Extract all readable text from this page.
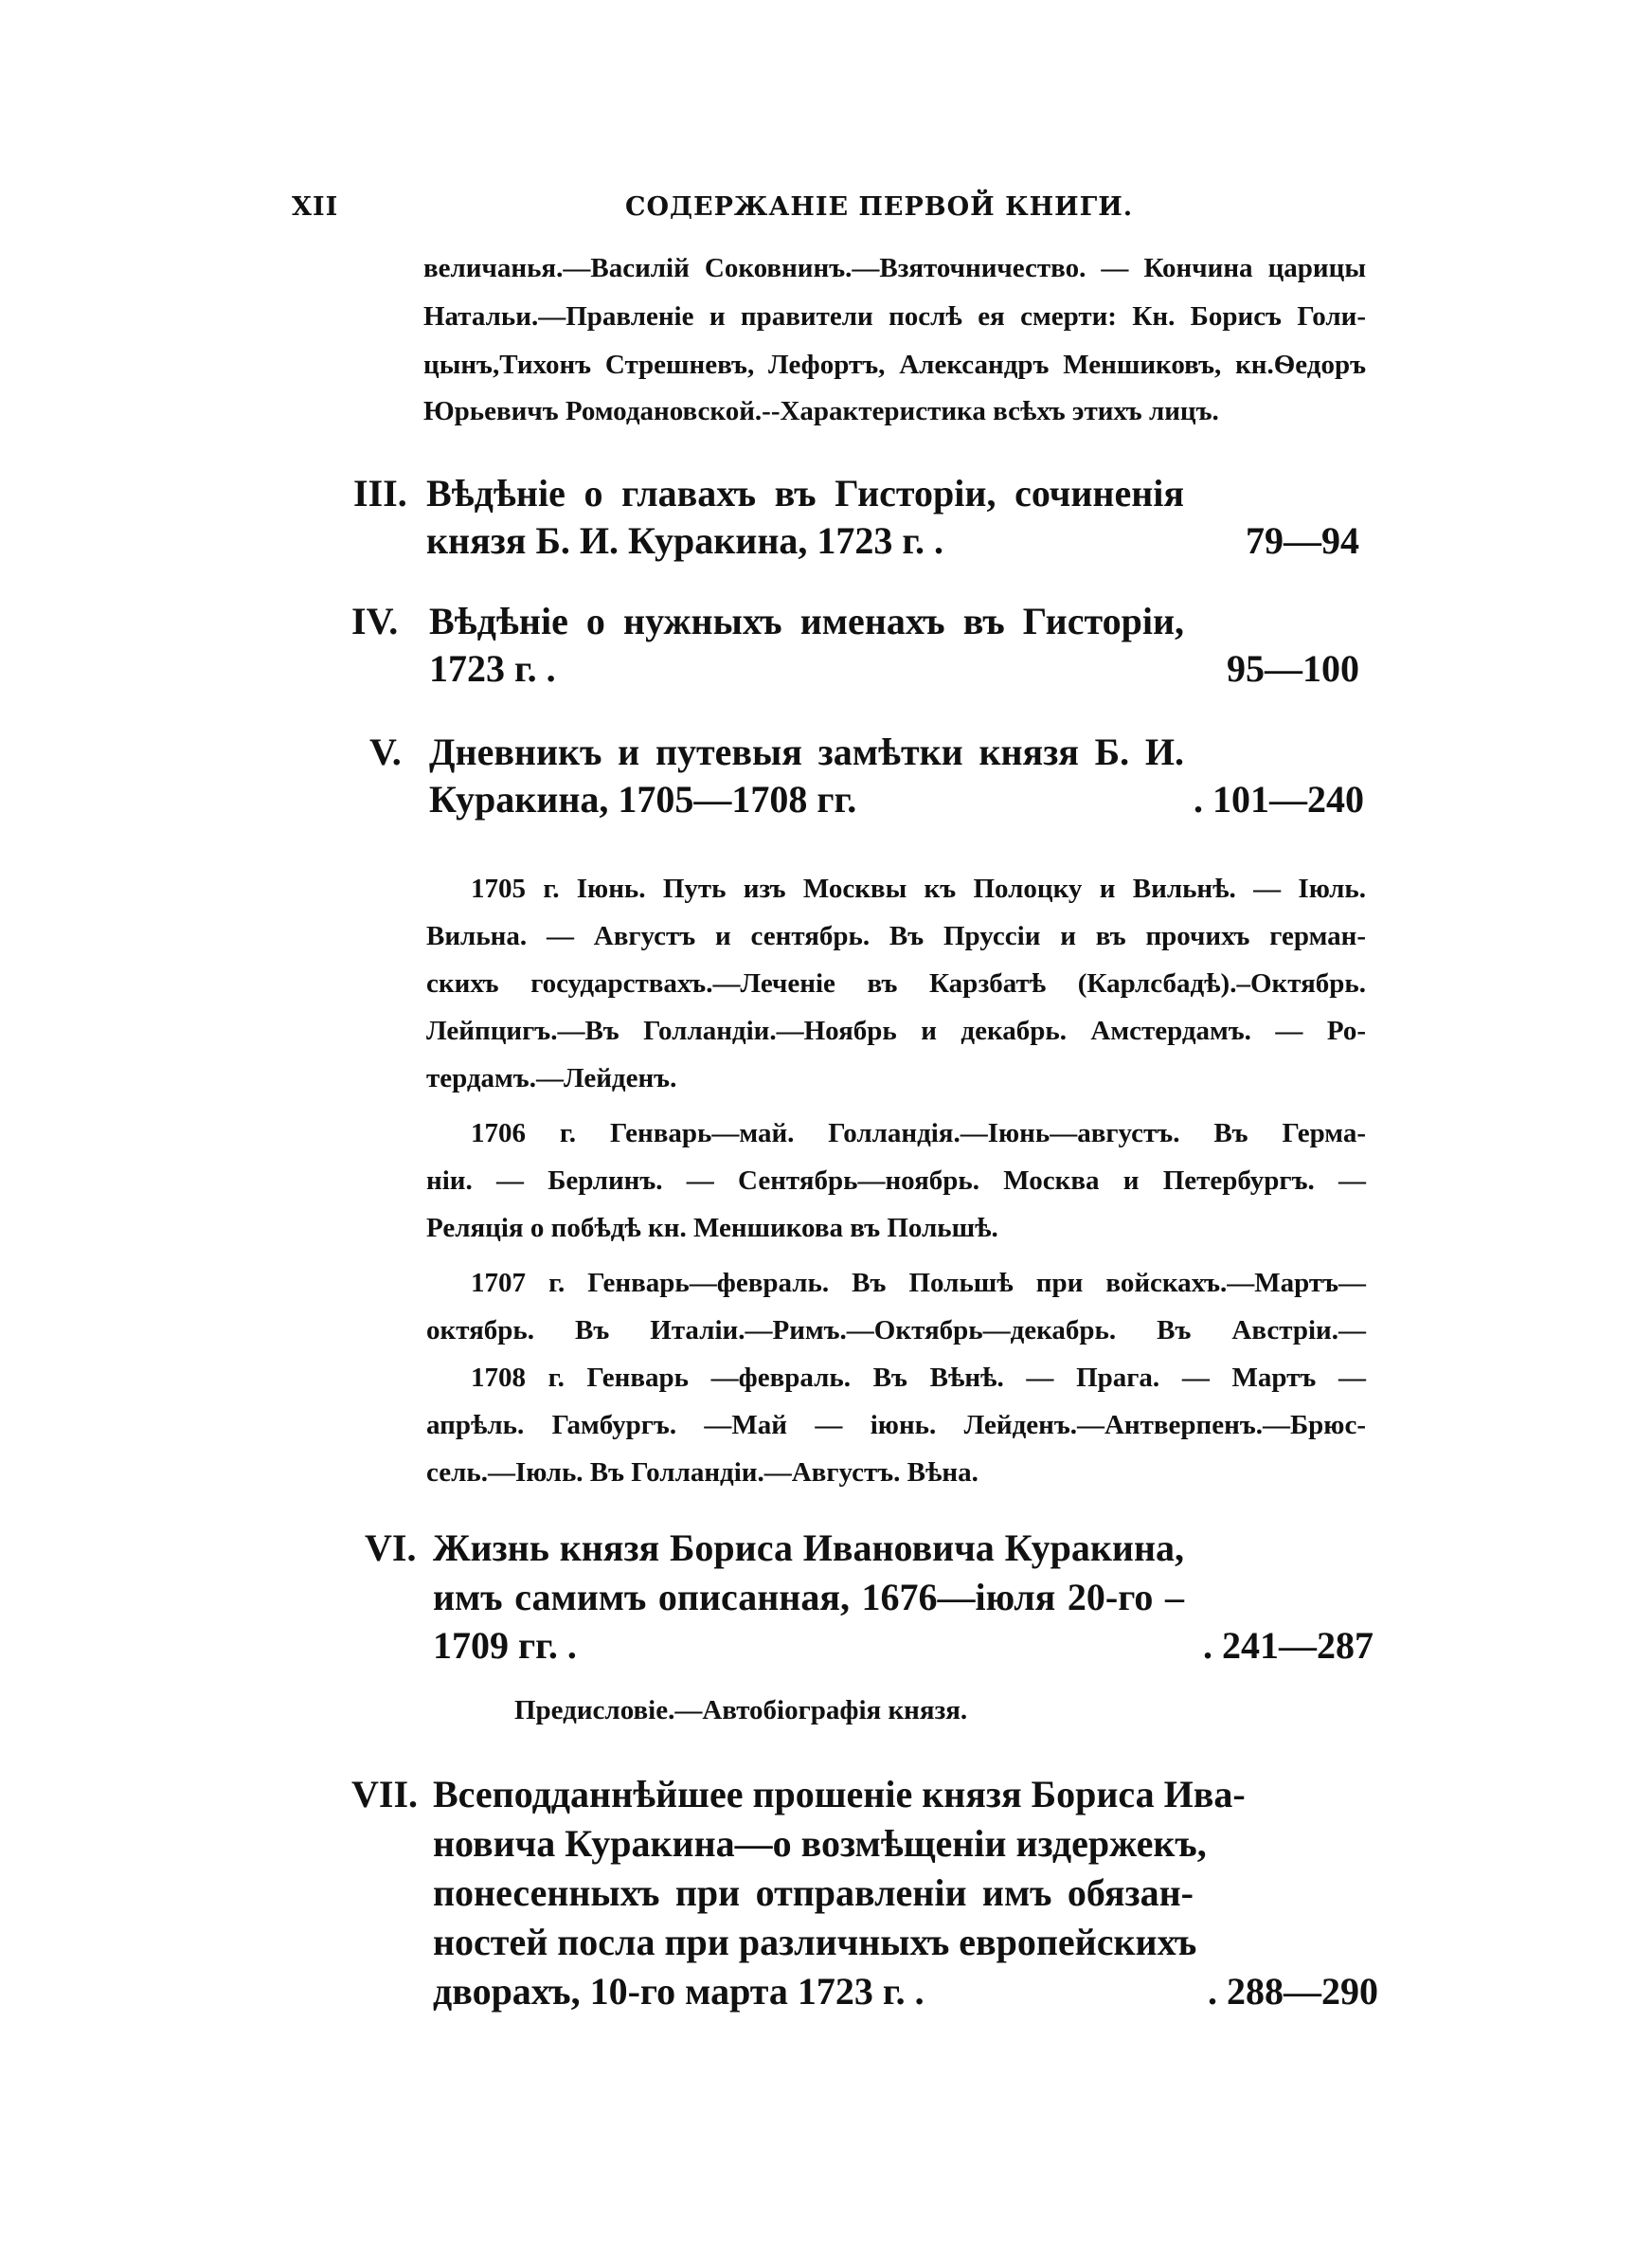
XII	СОДЕРЖАНІЕ ПЕРВОЙ КНИГИ.
величанья.—Василій Соковнинъ.—Взяточничество. — Кончина царицы
Натальи.—Правленіе и правители послѣ ея смерти: Кн. Борисъ Голи-
цынъ,Тихонъ Стрешневъ, Лефортъ, Александръ Меншиковъ, кн.Ѳедоръ
Юрьевичъ Ромодановской.--Характеристика всѣхъ этихъ лицъ.
III. Вѣдѣніе о главахъ въ Гисторіи, сочиненія
князя Б. И. Куракина, 1723 г. .	79—94
IV. Вѣдѣніе о нужныхъ именахъ въ Гисторіи,
1723 г. .	95—100
V. Дневникъ и путевыя замѣтки князя Б. И.
Куракина, 1705—1708 гг.	. 101—240
1705 г. Іюнь. Путь изъ Москвы къ Полоцку и Вильнѣ. — Іюль.
Вильна. — Августъ и сентябрь. Въ Пруссіи и въ прочихъ герман-
скихъ государствахъ.—Леченіе въ Карзбатѣ (Карлсбадѣ).–Октябрь.
Лейпцигъ.—Въ Голландіи.—Ноябрь и декабрь. Амстердамъ. — Ро-
тердамъ.—Лейденъ.
1706 г. Генварь—май. Голландія.—Іюнь—августъ. Въ Герма-
ніи. — Берлинъ. — Сентябрь—ноябрь. Москва и Петербургъ. —
Реляція о побѣдѣ кн. Меншикова въ Польшѣ.
1707 г. Генварь—февраль. Въ Польшѣ при войскахъ.—Мартъ—
октябрь. Въ Италіи.—Римъ.—Октябрь—декабрь. Въ Австріи.—
1708 г. Генварь —февраль. Въ Вѣнѣ. — Прага. — Мартъ —
апрѣль. Гамбургъ. —Май — іюнь. Лейденъ.—Антверпенъ.—Брюс-
сель.—Іюль. Въ Голландіи.—Августъ. Вѣна.
VI. Жизнь князя Бориса Ивановича Куракина,
имъ самимъ описанная, 1676—іюля 20-го –
1709 гг. .	. 241—287
Предисловіе.—Автобіографія князя.
VII. Всеподданнѣйшее прошеніе князя Бориса Ива-
новича Куракина—о возмѣщеніи издержекъ,
понесенныхъ при отправленіи имъ обязан-
ностей посла при различныхъ европейскихъ
дворахъ, 10-го марта 1723 г. .	. 288—290
